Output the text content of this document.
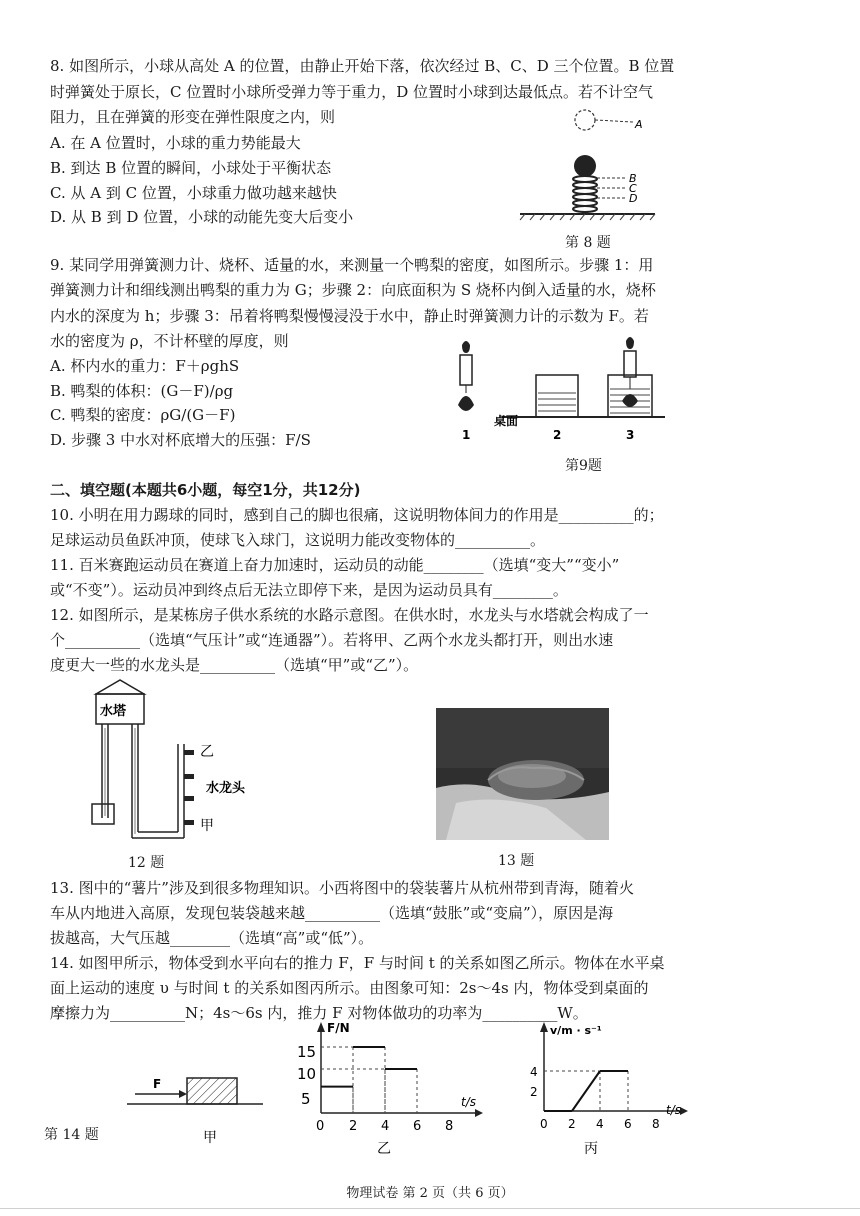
8. 如图所示，小球从高处 A 的位置，由静止开始下落，依次经过 B、C、D 三个位置。B 位置
时弹簧处于原长，C 位置时小球所受弹力等于重力，D 位置时小球到达最低点。若不计空气
阻力，且在弹簧的形变在弹性限度之内，则
A. 在 A 位置时，小球的重力势能最大
B. 到达 B 位置的瞬间，小球处于平衡状态
C. 从 A 到 C 位置，小球重力做功越来越快
D. 从 B 到 D 位置，小球的动能先变大后变小
A
B
C
D
第 8 题
9. 某同学用弹簧测力计、烧杯、适量的水，来测量一个鸭梨的密度，如图所示。步骤 1：用
弹簧测力计和细线测出鸭梨的重力为 G；步骤 2：向底面积为 S 烧杯内倒入适量的水，烧杯
内水的深度为 h；步骤 3：吊着将鸭梨慢慢浸没于水中，静止时弹簧测力计的示数为 F。若
水的密度为 ρ，不计杯壁的厚度，则
A. 杯内水的重力：F＋ρghS
B. 鸭梨的体积：(G－F)/ρg
C. 鸭梨的密度：ρG/(G－F)
D. 步骤 3 中水对杯底增大的压强：F/S
桌面
1	2	3
第9题
二、填空题(本题共6小题，每空1分，共12分)
10. 小明在用力踢球的同时，感到自己的脚也很痛，这说明物体间力的作用是__________的；
足球运动员鱼跃冲顶，使球飞入球门，这说明力能改变物体的__________。
11. 百米赛跑运动员在赛道上奋力加速时，运动员的动能________（选填“变大”“变小”
或“不变”）。运动员冲到终点后无法立即停下来，是因为运动员具有________。
12. 如图所示，是某栋房子供水系统的水路示意图。在供水时，水龙头与水塔就会构成了一
个__________（选填“气压计”或“连通器”）。若将甲、乙两个水龙头都打开，则出水速
度更大一些的水龙头是__________（选填“甲”或“乙”）。
水塔
乙
水龙头
甲
12 题	13 题
13. 图中的“薯片”涉及到很多物理知识。小西将图中的袋装薯片从杭州带到青海，随着火
车从内地进入高原，发现包装袋越来越__________（选填“鼓胀”或“变扁”），原因是海
拔越高，大气压越________（选填“高”或“低”）。
14. 如图甲所示，物体受到水平向右的推力 F，F 与时间 t 的关系如图乙所示。物体在水平桌
面上运动的速度 υ 与时间 t 的关系如图丙所示。由图象可知：2s～4s 内，物体受到桌面的
摩擦力为__________N；4s～6s 内，推力 F 对物体做功的功率为__________W。
F
甲
第 14 题
F/N
t/s
15
10
5
0 2 4 6 8
乙
v/m · s⁻¹
t/s
4
2
0 2 4 6 8
丙
物理试卷 第 2 页（共 6 页）
